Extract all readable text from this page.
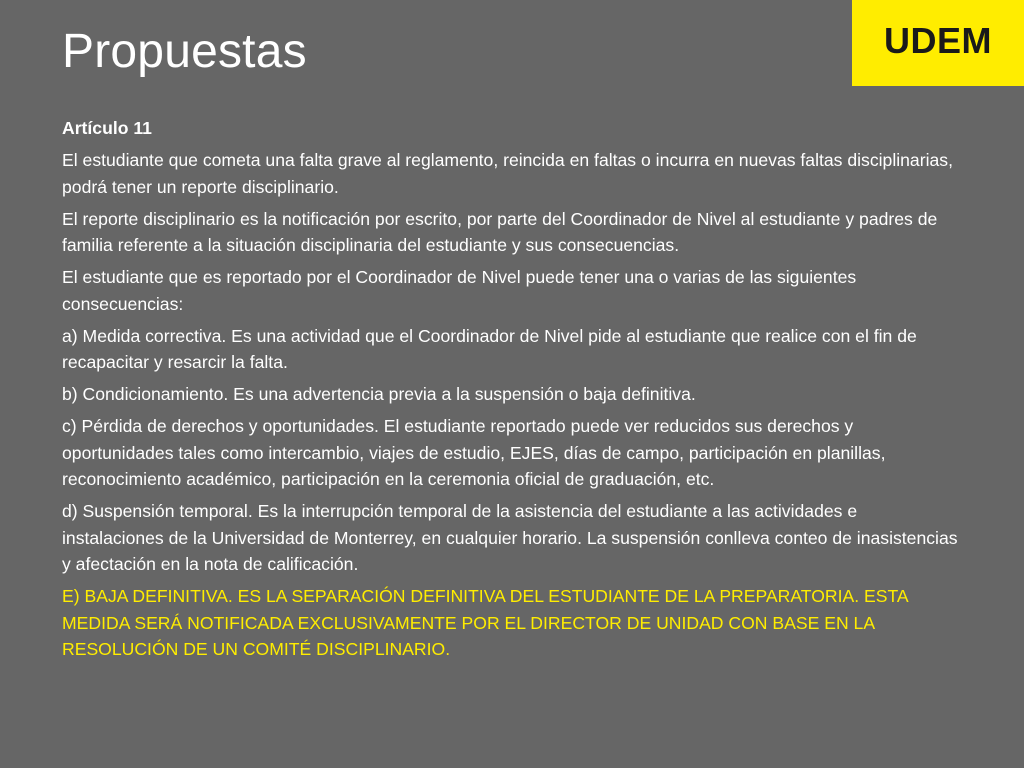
Propuestas	UDEM

Artículo 11

El estudiante que cometa una falta grave al reglamento, reincida en faltas o incurra en nuevas faltas disciplinarias, podrá tener un reporte disciplinario.

El reporte disciplinario es la notificación por escrito, por parte del Coordinador de Nivel al estudiante y padres de familia referente a la situación disciplinaria del estudiante y sus consecuencias.

El estudiante que es reportado por el Coordinador de Nivel puede tener una o varias de las siguientes consecuencias:

a) Medida correctiva. Es una actividad que el Coordinador de Nivel pide al estudiante que realice con el fin de recapacitar y resarcir la falta.

b) Condicionamiento. Es una advertencia previa a la suspensión o baja definitiva.

c) Pérdida de derechos y oportunidades. El estudiante reportado puede ver reducidos sus derechos y oportunidades tales como intercambio, viajes de estudio, EJES, días de campo, participación en planillas, reconocimiento académico, participación en la ceremonia oficial de graduación, etc.

d) Suspensión temporal. Es la interrupción temporal de la asistencia del estudiante a las actividades e instalaciones de la Universidad de Monterrey, en cualquier horario. La suspensión conlleva conteo de inasistencias y afectación en la nota de calificación.

E) BAJA DEFINITIVA. ES LA SEPARACIÓN DEFINITIVA DEL ESTUDIANTE DE LA PREPARATORIA. ESTA MEDIDA SERÁ NOTIFICADA EXCLUSIVAMENTE POR EL DIRECTOR DE UNIDAD CON BASE EN LA RESOLUCIÓN DE UN COMITÉ DISCIPLINARIO.
